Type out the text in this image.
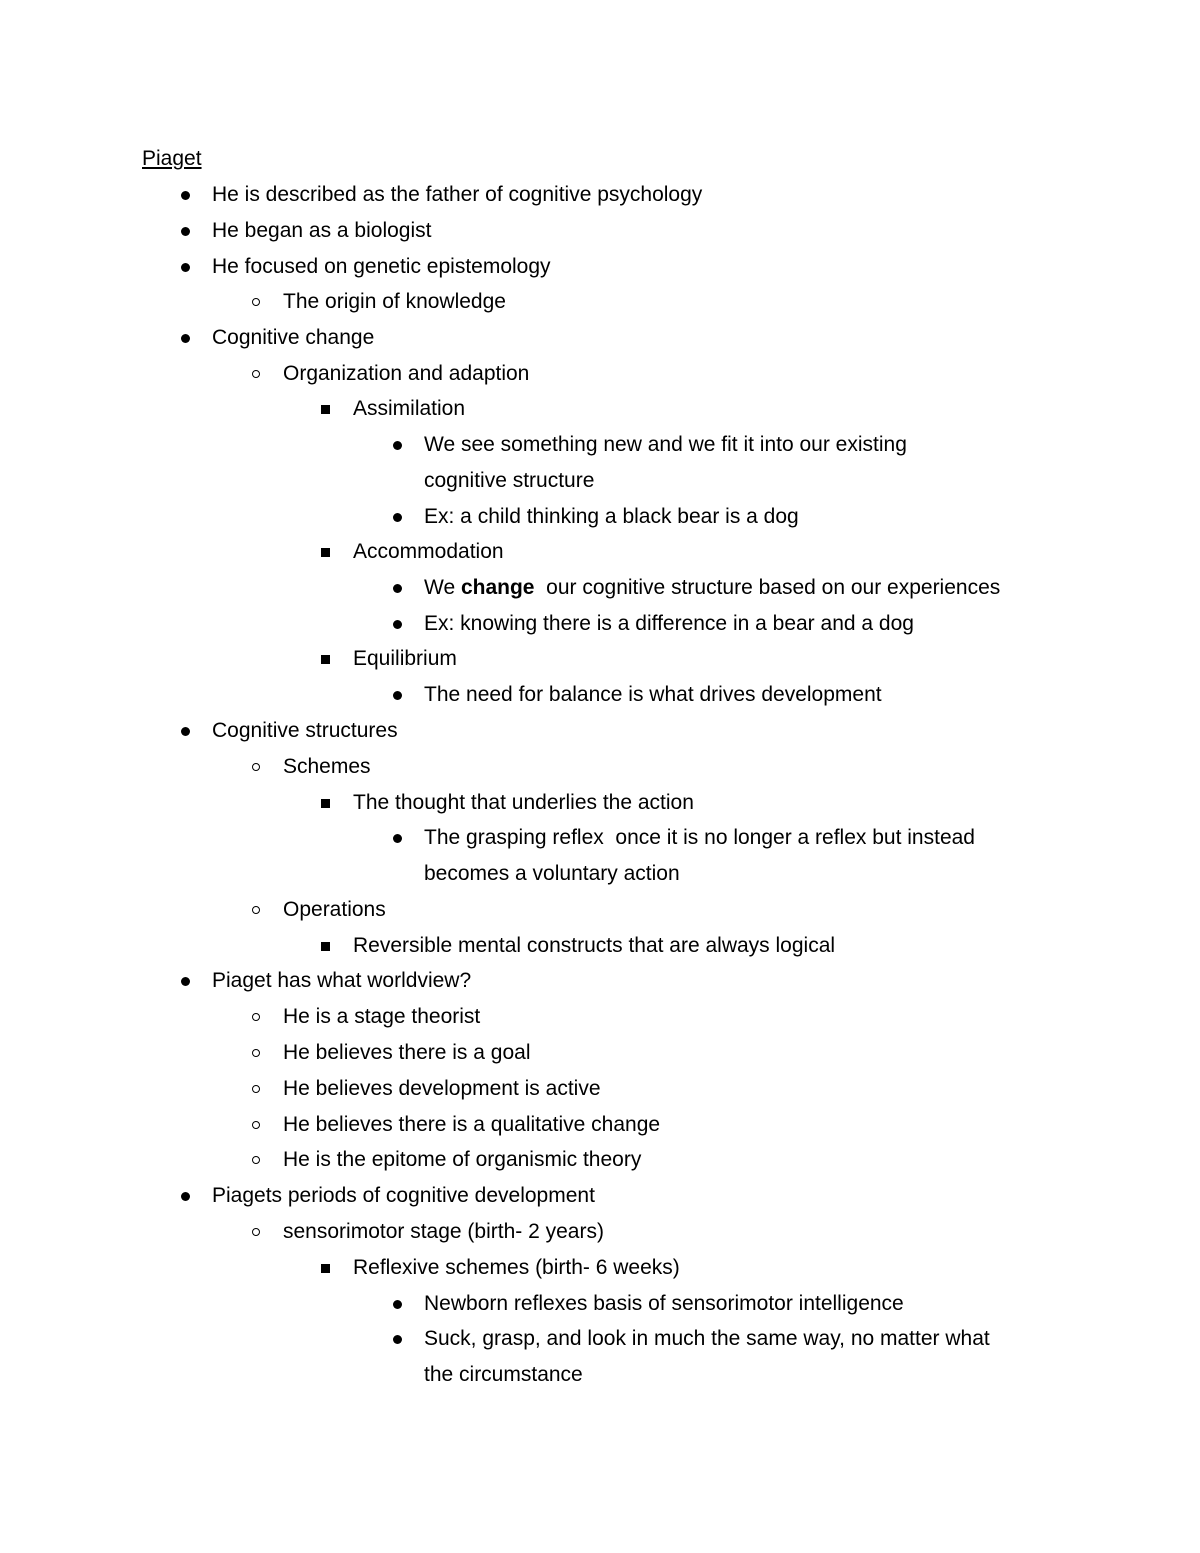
Piaget
He is described as the father of cognitive psychology
He began as a biologist
He focused on genetic epistemology
The origin of knowledge
Cognitive change
Organization and adaption
Assimilation
We see something new and we fit it into our existing
cognitive structure
Ex: a child thinking a black bear is a dog
Accommodation
We change  our cognitive structure based on our experiences
Ex: knowing there is a difference in a bear and a dog
Equilibrium
The need for balance is what drives development
Cognitive structures
Schemes
The thought that underlies the action
The grasping reflex  once it is no longer a reflex but instead
becomes a voluntary action
Operations
Reversible mental constructs that are always logical
Piaget has what worldview?
He is a stage theorist
He believes there is a goal
He believes development is active
He believes there is a qualitative change
He is the epitome of organismic theory
Piagets periods of cognitive development
sensorimotor stage (birth- 2 years)
Reflexive schemes (birth- 6 weeks)
Newborn reflexes basis of sensorimotor intelligence
Suck, grasp, and look in much the same way, no matter what
the circumstance
